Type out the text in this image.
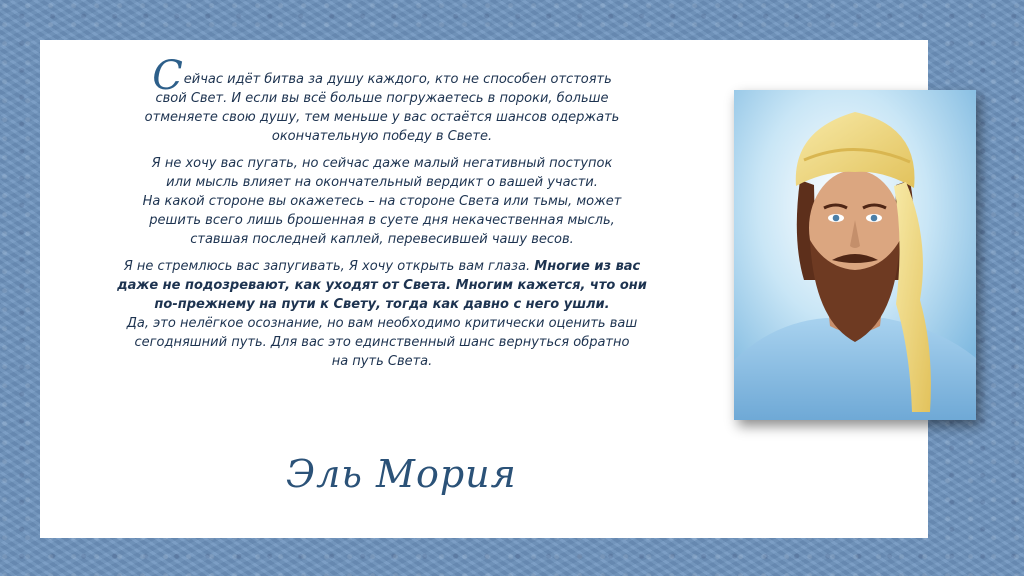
Сейчас идёт битва за душу каждого, кто не способен отстоять
свой Свет. И если вы всё больше погружаетесь в пороки, больше
отменяете свою душу, тем меньше у вас остаётся шансов одержать
окончательную победу в Свете.

Я не хочу вас пугать, но сейчас даже малый негативный поступок
или мысль влияет на окончательный вердикт о вашей участи.
На какой стороне вы окажетесь – на стороне Света или тьмы, может
решить всего лишь брошенная в суете дня некачественная мысль,
ставшая последней каплей, перевесившей чашу весов.

Я не стремлюсь вас запугивать, Я хочу открыть вам глаза. Многие из вас
даже не подозревают, как уходят от Света. Многим кажется, что они
по-прежнему на пути к Свету, тогда как давно с него ушли.
Да, это нелёгкое осознание, но вам необходимо критически оценить ваш
сегодняшний путь. Для вас это единственный шанс вернуться обратно
на путь Света.

Эль Мория
